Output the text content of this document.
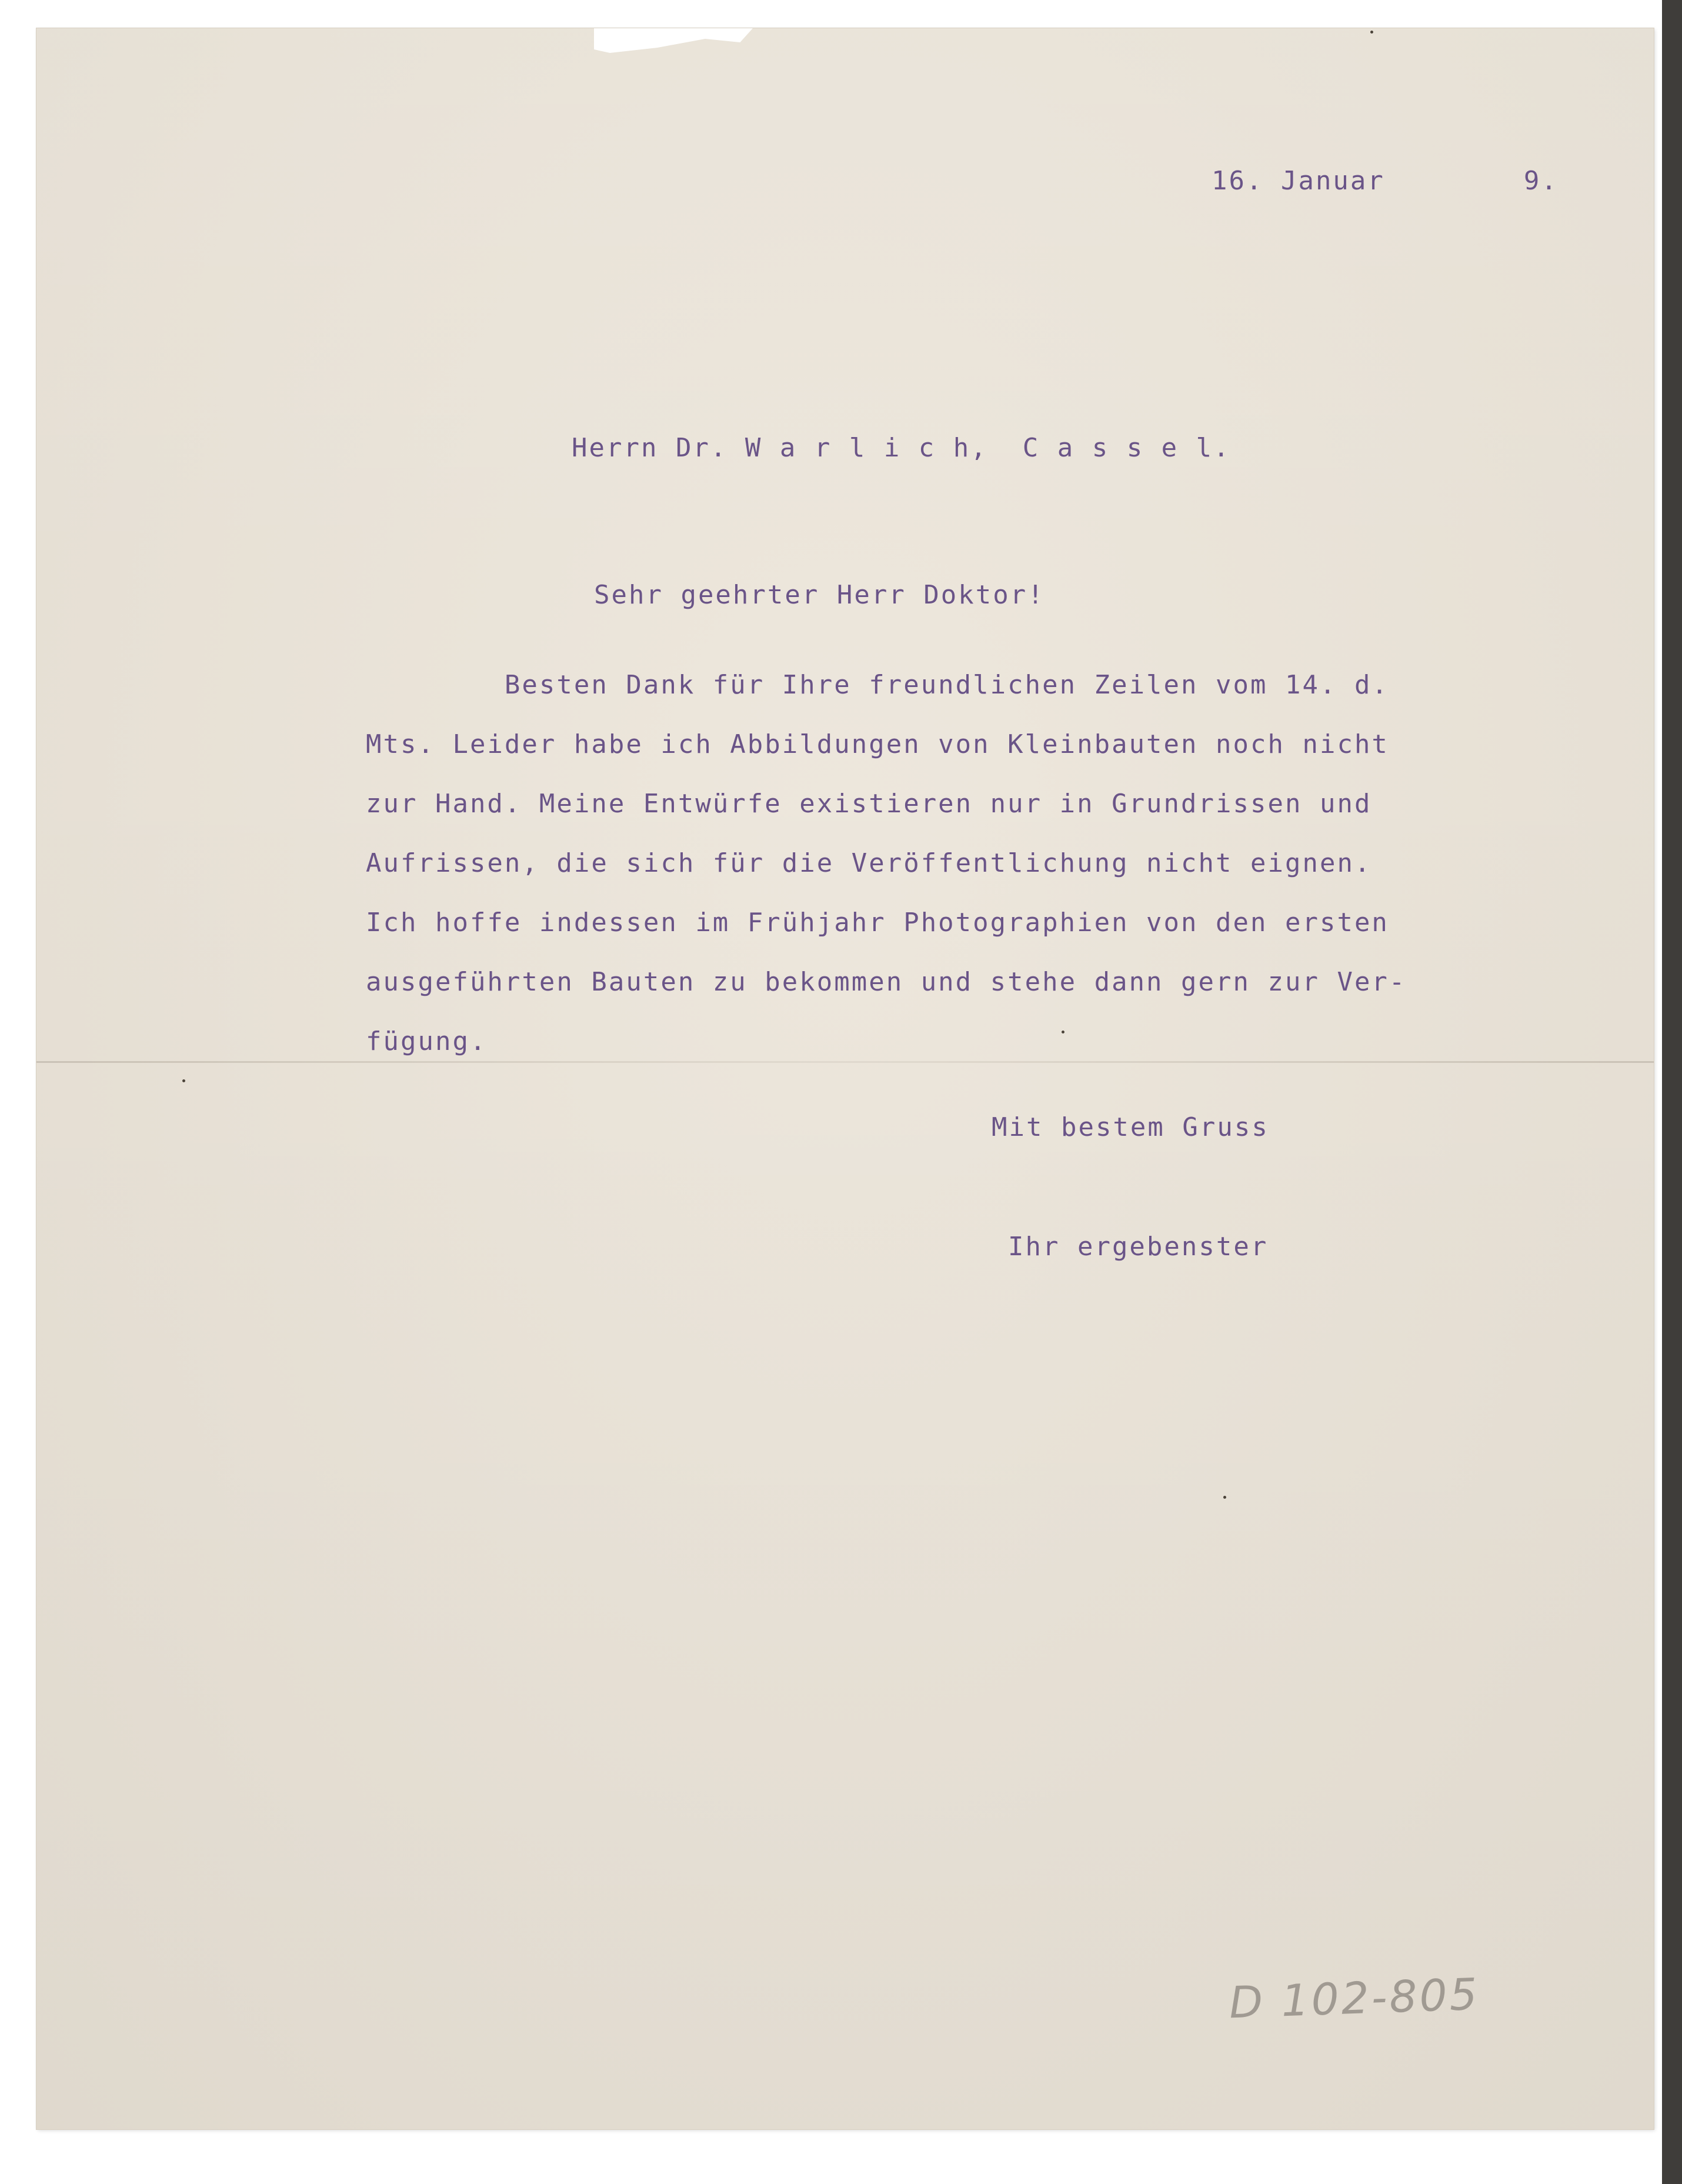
16. Januar        9.
Herrn Dr. W a r l i c h,  C a s s e l.
Sehr geehrter Herr Doktor!
Besten Dank für Ihre freundlichen Zeilen vom 14. d.
Mts. Leider habe ich Abbildungen von Kleinbauten noch nicht
zur Hand. Meine Entwürfe existieren nur in Grundrissen und
Aufrissen, die sich für die Veröffentlichung nicht eignen.
Ich hoffe indessen im Frühjahr Photographien von den ersten
ausgeführten Bauten zu bekommen und stehe dann gern zur Ver-
fügung.
Mit bestem Gruss
Ihr ergebenster
D 102-805
